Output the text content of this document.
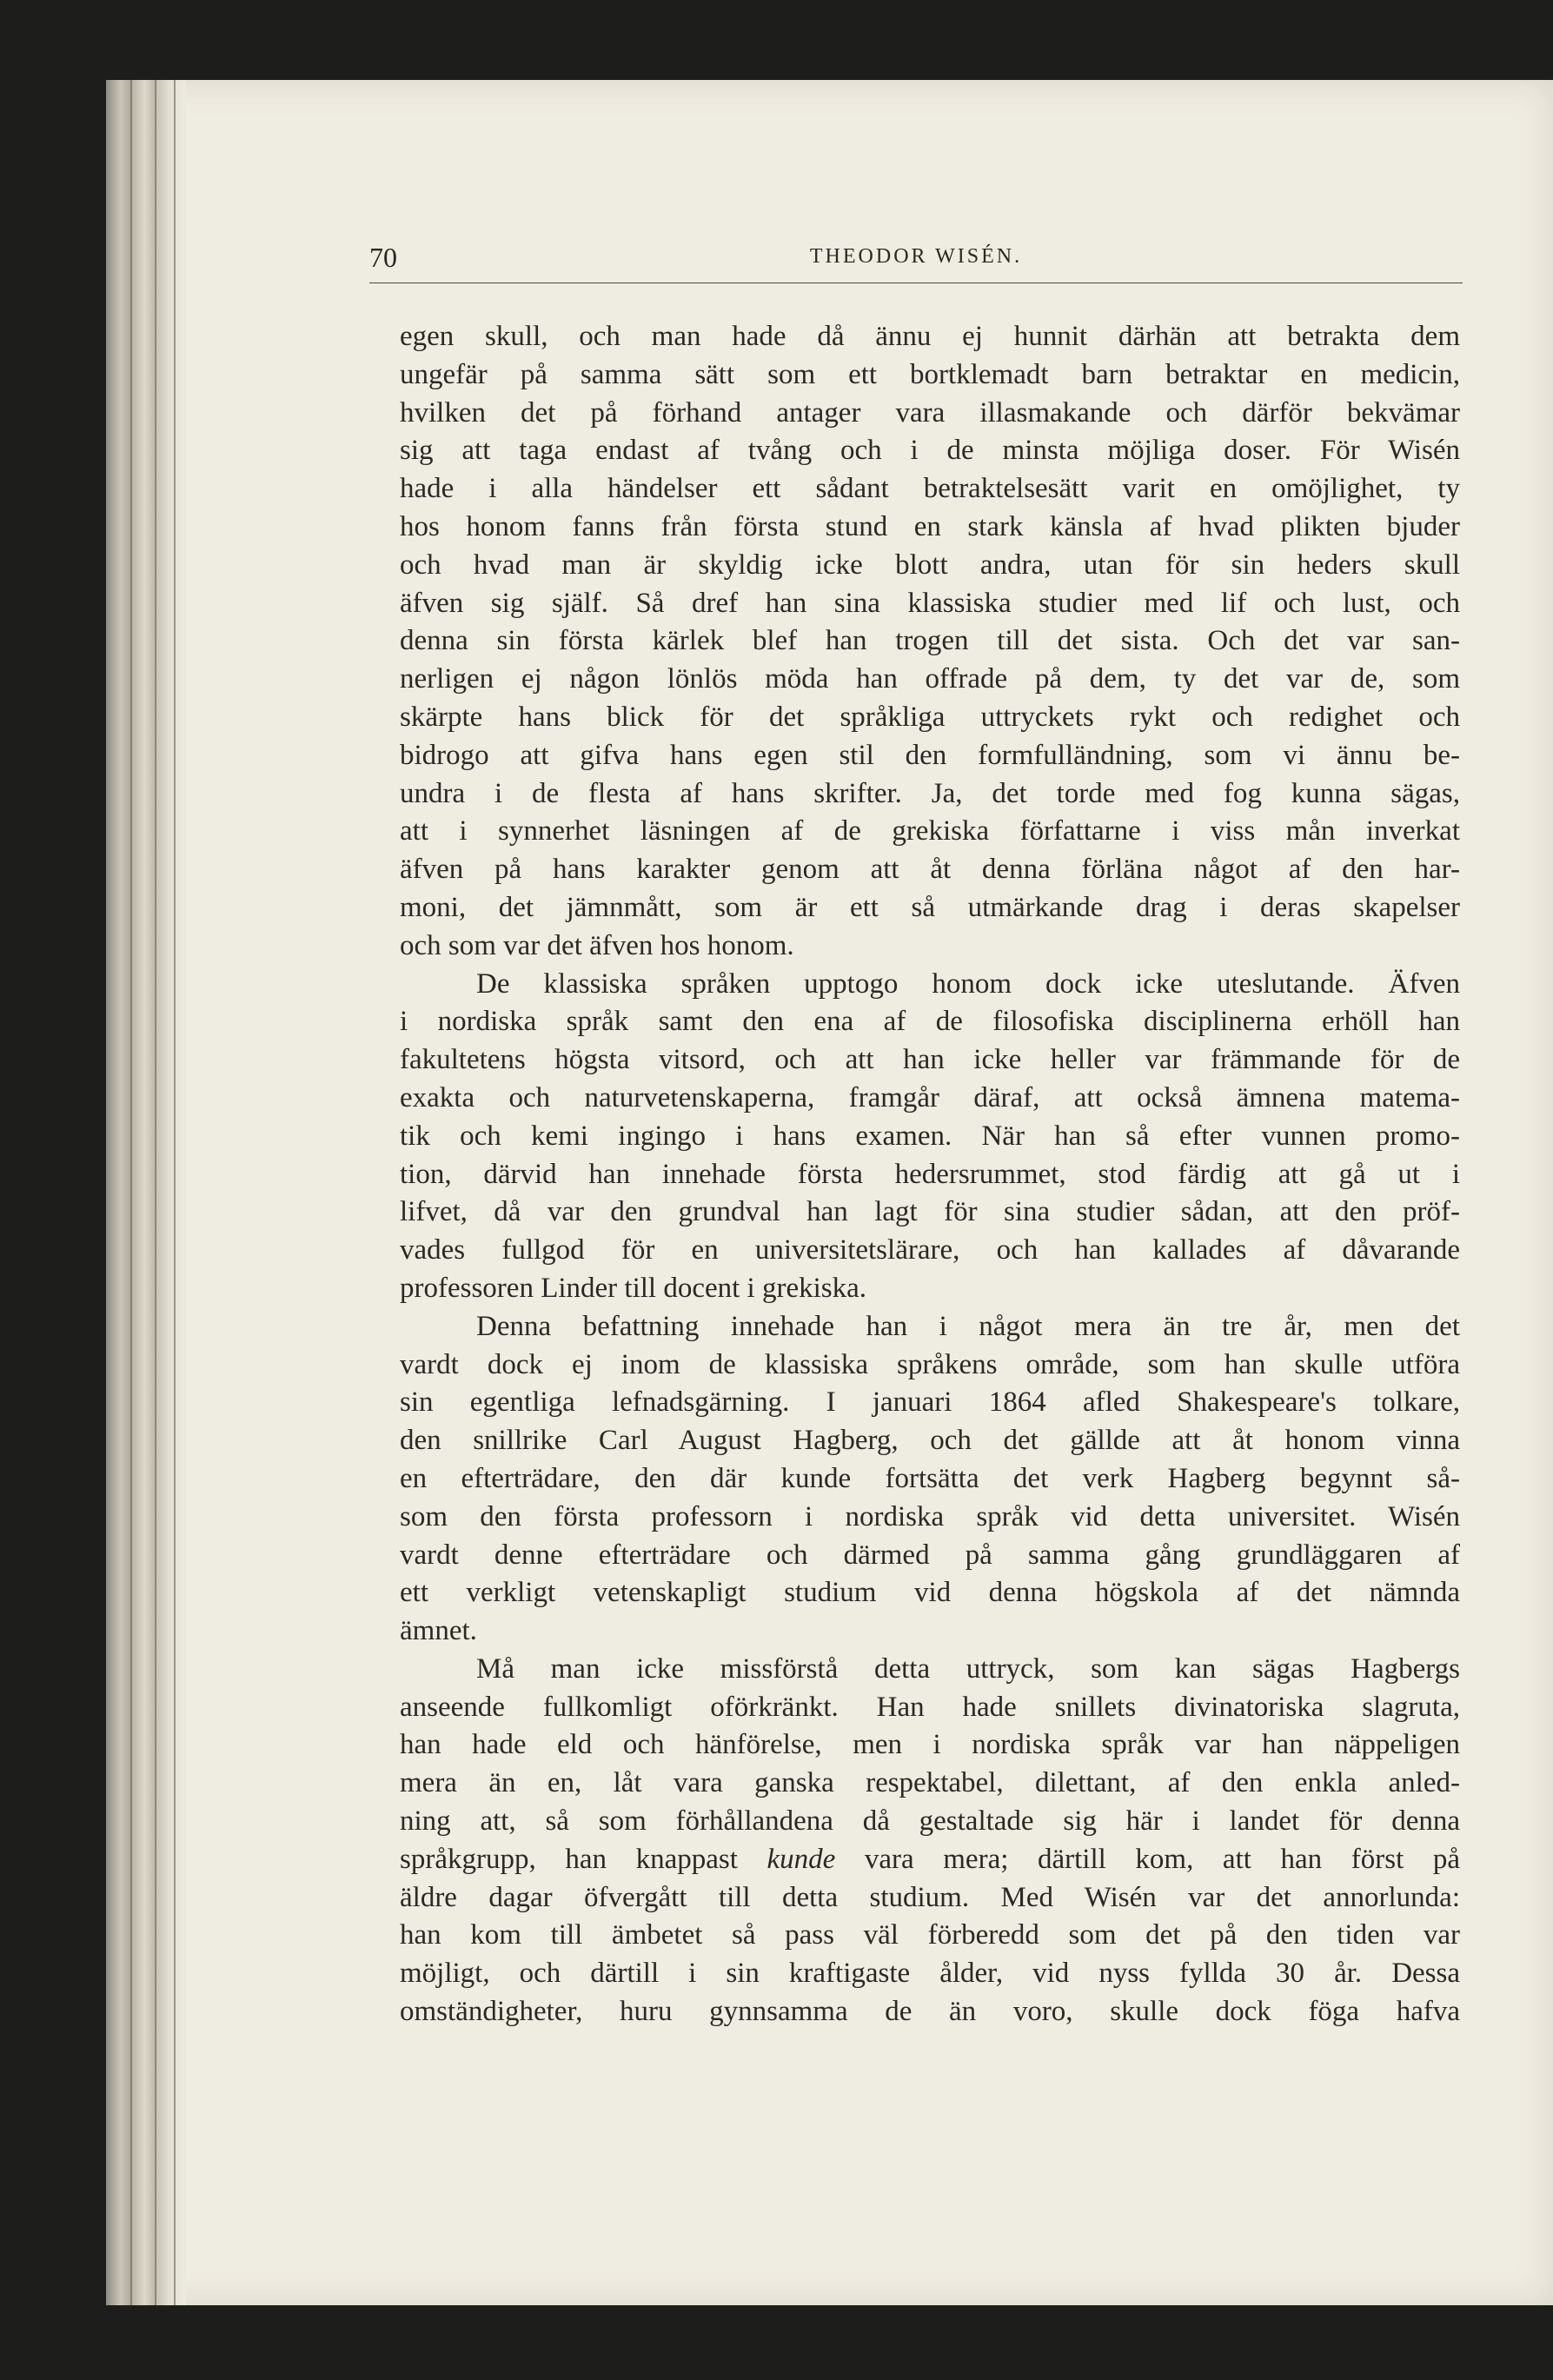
70	THEODOR WISÉN.
egen skull, och man hade då ännu ej hunnit därhän att betrakta dem
ungefär på samma sätt som ett bortklemadt barn betraktar en medicin,
hvilken det på förhand antager vara illasmakande och därför bekvämar
sig att taga endast af tvång och i de minsta möjliga doser. För Wisén
hade i alla händelser ett sådant betraktelsesätt varit en omöjlighet, ty
hos honom fanns från första stund en stark känsla af hvad plikten bjuder
och hvad man är skyldig icke blott andra, utan för sin heders skull
äfven sig själf. Så dref han sina klassiska studier med lif och lust, och
denna sin första kärlek blef han trogen till det sista. Och det var san-
nerligen ej någon lönlös möda han offrade på dem, ty det var de, som
skärpte hans blick för det språkliga uttryckets rykt och redighet och
bidrogo att gifva hans egen stil den formfulländning, som vi ännu be-
undra i de flesta af hans skrifter. Ja, det torde med fog kunna sägas,
att i synnerhet läsningen af de grekiska författarne i viss mån inverkat
äfven på hans karakter genom att åt denna förläna något af den har-
moni, det jämnmått, som är ett så utmärkande drag i deras skapelser
och som var det äfven hos honom.
De klassiska språken upptogo honom dock icke uteslutande. Äfven
i nordiska språk samt den ena af de filosofiska disciplinerna erhöll han
fakultetens högsta vitsord, och att han icke heller var främmande för de
exakta och naturvetenskaperna, framgår däraf, att också ämnena matema-
tik och kemi ingingo i hans examen. När han så efter vunnen promo-
tion, därvid han innehade första hedersrummet, stod färdig att gå ut i
lifvet, då var den grundval han lagt för sina studier sådan, att den pröf-
vades fullgod för en universitetslärare, och han kallades af dåvarande
professoren Linder till docent i grekiska.
Denna befattning innehade han i något mera än tre år, men det
vardt dock ej inom de klassiska språkens område, som han skulle utföra
sin egentliga lefnadsgärning. I januari 1864 afled Shakespeare's tolkare,
den snillrike Carl August Hagberg, och det gällde att åt honom vinna
en efterträdare, den där kunde fortsätta det verk Hagberg begynnt så-
som den första professorn i nordiska språk vid detta universitet. Wisén
vardt denne efterträdare och därmed på samma gång grundläggaren af
ett verkligt vetenskapligt studium vid denna högskola af det nämnda
ämnet.
Må man icke missförstå detta uttryck, som kan sägas Hagbergs
anseende fullkomligt oförkränkt. Han hade snillets divinatoriska slagruta,
han hade eld och hänförelse, men i nordiska språk var han näppeligen
mera än en, låt vara ganska respektabel, dilettant, af den enkla anled-
ning att, så som förhållandena då gestaltade sig här i landet för denna
språkgrupp, han knappast kunde vara mera; därtill kom, att han först på
äldre dagar öfvergått till detta studium. Med Wisén var det annorlunda:
han kom till ämbetet så pass väl förberedd som det på den tiden var
möjligt, och därtill i sin kraftigaste ålder, vid nyss fyllda 30 år. Dessa
omständigheter, huru gynnsamma de än voro, skulle dock föga hafva
